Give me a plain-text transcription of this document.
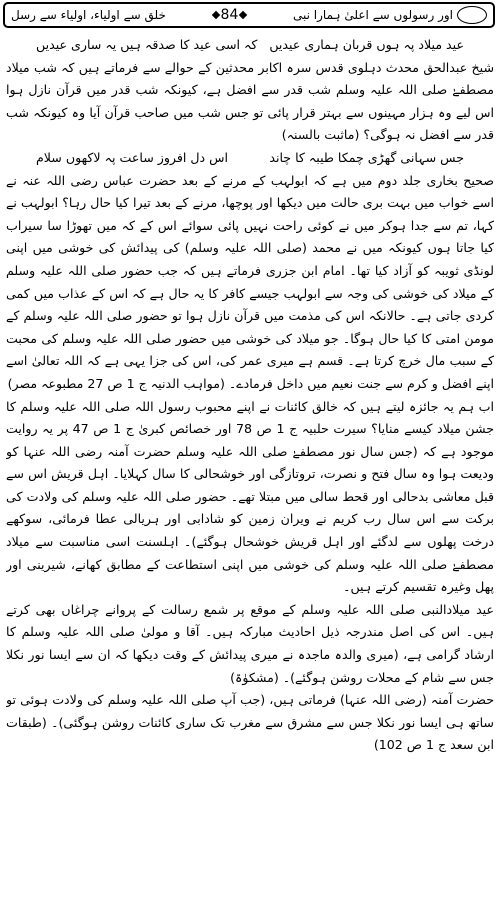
اور رسولوں سے اعلیٰ ہمارا نبی
84
خلق سے اولیاء، اولیاء سے رسل
عید میلاد پہ ہوں قربان ہماری عیدیں
کہ اسی عید کا صدقہ ہیں یہ ساری عیدیں

شیخ عبدالحق محدث دہلوی قدس سرہ اکابر محدثین کے حوالے سے فرماتے ہیں کہ شب میلاد مصطفےٰ صلی اللہ علیہ وسلم شب قدر سے افضل ہے، کیونکہ شب قدر میں قرآن نازل ہوا اس لیے وہ ہزار مہینوں سے بہتر قرار پائی تو جس شب میں صاحب قرآن آیا وہ کیونکہ شب قدر سے افضل نہ ہوگی؟ (ماثبت بالسنہ)

جس سہانی گھڑی چمکا طیبہ کا چاند
اس دل افروز ساعت پہ لاکھوں سلام

صحیح بخاری جلد دوم میں ہے کہ ابولہب کے مرنے کے بعد حضرت عباس رضی اللہ عنہ نے اسے خواب میں بہت بری حالت میں دیکھا اور پوچھا، مرنے کے بعد تیرا کیا حال رہا؟ ابولہب نے کہا، تم سے جدا ہوکر میں نے کوئی راحت نہیں پائی سوائے اس کے کہ میں تھوڑا سا سیراب کیا جاتا ہوں کیونکہ میں نے محمد (صلی اللہ علیہ وسلم) کی پیدائش کی خوشی میں اپنی لونڈی ثویبہ کو آزاد کیا تھا۔ امام ابن جزری فرماتے ہیں کہ جب حضور صلی اللہ علیہ وسلم کے میلاد کی خوشی کی وجہ سے ابولہب جیسے کافر کا یہ حال ہے کہ اس کے عذاب میں کمی کردی جاتی ہے۔ حالانکہ اس کی مذمت میں قرآن نازل ہوا تو حضور صلی اللہ علیہ وسلم کے مومن امتی کا کیا حال ہوگا۔ جو میلاد کی خوشی میں حضور صلی اللہ علیہ وسلم کی محبت کے سبب مال خرچ کرتا ہے۔ قسم ہے میری عمر کی، اس کی جزا یہی ہے کہ اللہ تعالیٰ اسے اپنے افضل و کرم سے جنت نعیم میں داخل فرمادے۔ (مواہب الدنیہ ج 1 ص 27 مطبوعہ مصر)

اب ہم یہ جائزہ لیتے ہیں کہ خالق کائنات نے اپنے محبوب رسول اللہ صلی اللہ علیہ وسلم کا جشن میلاد کیسے منایا؟ سیرت حلبیہ ج 1 ص 78 اور خصائص کبریٰ ج 1 ص 47 پر یہ روایت موجود ہے کہ (جس سال نور مصطفےٰ صلی اللہ علیہ وسلم حضرت آمنہ رضی اللہ عنہا کو ودیعت ہوا وہ سال فتح و نصرت، تروتازگی اور خوشحالی کا سال کہلایا۔ اہل قریش اس سے قبل معاشی بدحالی اور قحط سالی میں مبتلا تھے۔ حضور صلی اللہ علیہ وسلم کی ولادت کی برکت سے اس سال رب کریم نے ویران زمین کو شادابی اور ہریالی عطا فرمائی، سوکھے درخت پھلوں سے لدگئے اور اہل قریش خوشحال ہوگئے)۔ اہلسنت اسی مناسبت سے میلاد مصطفےٰ صلی اللہ علیہ وسلم کی خوشی میں اپنی استطاعت کے مطابق کھانے، شیرینی اور پھل وغیرہ تقسیم کرتے ہیں۔

عید میلادالنبی صلی اللہ علیہ وسلم کے موقع پر شمع رسالت کے پروانے چراغاں بھی کرتے ہیں۔ اس کی اصل مندرجہ ذیل احادیث مبارکہ ہیں۔ آقا و مولیٰ صلی اللہ علیہ وسلم کا ارشاد گرامی ہے، (میری والدہ ماجدہ نے میری پیدائش کے وقت دیکھا کہ ان سے ایسا نور نکلا جس سے شام کے محلات روشن ہوگئے)۔ (مشکوٰۃ)

حضرت آمنہ (رضی اللہ عنہا) فرماتی ہیں، (جب آپ صلی اللہ علیہ وسلم کی ولادت ہوئی تو ساتھ ہی ایسا نور نکلا جس سے مشرق سے مغرب تک ساری کائنات روشن ہوگئی)۔ (طبقات ابن سعد ج 1 ص 102)
